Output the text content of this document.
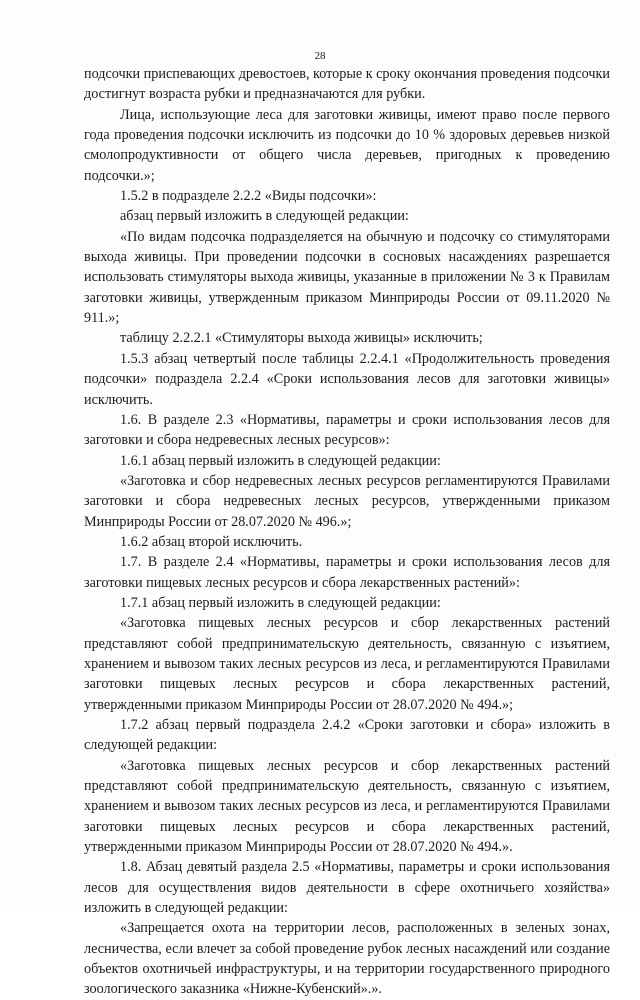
28

подсочки приспевающих древостоев, которые к сроку окончания проведения подсочки достигнут возраста рубки и предназначаются для рубки.

Лица, использующие леса для заготовки живицы, имеют право после первого года проведения подсочки исключить из подсочки до 10 % здоровых деревьев низкой смолопродуктивности от общего числа деревьев, пригодных к проведению подсочки.»;

1.5.2 в подразделе 2.2.2 «Виды подсочки»:

абзац первый изложить в следующей редакции:

«По видам подсочка подразделяется на обычную и подсочку со стимуляторами выхода живицы. При проведении подсочки в сосновых насаждениях разрешается использовать стимуляторы выхода живицы, указанные в приложении № 3 к Правилам заготовки живицы, утвержденным приказом Минприроды России от 09.11.2020 № 911.»;

таблицу 2.2.2.1 «Стимуляторы выхода живицы» исключить;

1.5.3 абзац четвертый после таблицы 2.2.4.1 «Продолжительность проведения подсочки» подраздела 2.2.4 «Сроки использования лесов для заготовки живицы» исключить.

1.6. В разделе 2.3 «Нормативы, параметры и сроки использования лесов для заготовки и сбора недревесных лесных ресурсов»:

1.6.1 абзац первый изложить в следующей редакции:

«Заготовка и сбор недревесных лесных ресурсов регламентируются Правилами заготовки и сбора недревесных лесных ресурсов, утвержденными приказом Минприроды России от 28.07.2020 № 496.»;

1.6.2 абзац второй исключить.

1.7. В разделе 2.4 «Нормативы, параметры и сроки использования лесов для заготовки пищевых лесных ресурсов и сбора лекарственных растений»:

1.7.1 абзац первый изложить в следующей редакции:

«Заготовка пищевых лесных ресурсов и сбор лекарственных растений представляют собой предпринимательскую деятельность, связанную с изъятием, хранением и вывозом таких лесных ресурсов из леса, и регламентируются Правилами заготовки пищевых лесных ресурсов и сбора лекарственных растений, утвержденными приказом Минприроды России от 28.07.2020 № 494.»;

1.7.2 абзац первый подраздела 2.4.2 «Сроки заготовки и сбора» изложить в следующей редакции:

«Заготовка пищевых лесных ресурсов и сбор лекарственных растений представляют собой предпринимательскую деятельность, связанную с изъятием, хранением и вывозом таких лесных ресурсов из леса, и регламентируются Правилами заготовки пищевых лесных ресурсов и сбора лекарственных растений, утвержденными приказом Минприроды России от 28.07.2020 № 494.».

1.8. Абзац девятый раздела 2.5 «Нормативы, параметры и сроки использования лесов для осуществления видов деятельности в сфере охотничьего хозяйства» изложить в следующей редакции:

«Запрещается охота на территории лесов, расположенных в зеленых зонах, лесничества, если влечет за собой проведение рубок лесных насаждений или создание объектов охотничьей инфраструктуры, и на территории государственного природного зоологического заказника «Нижне-Кубенский».».
